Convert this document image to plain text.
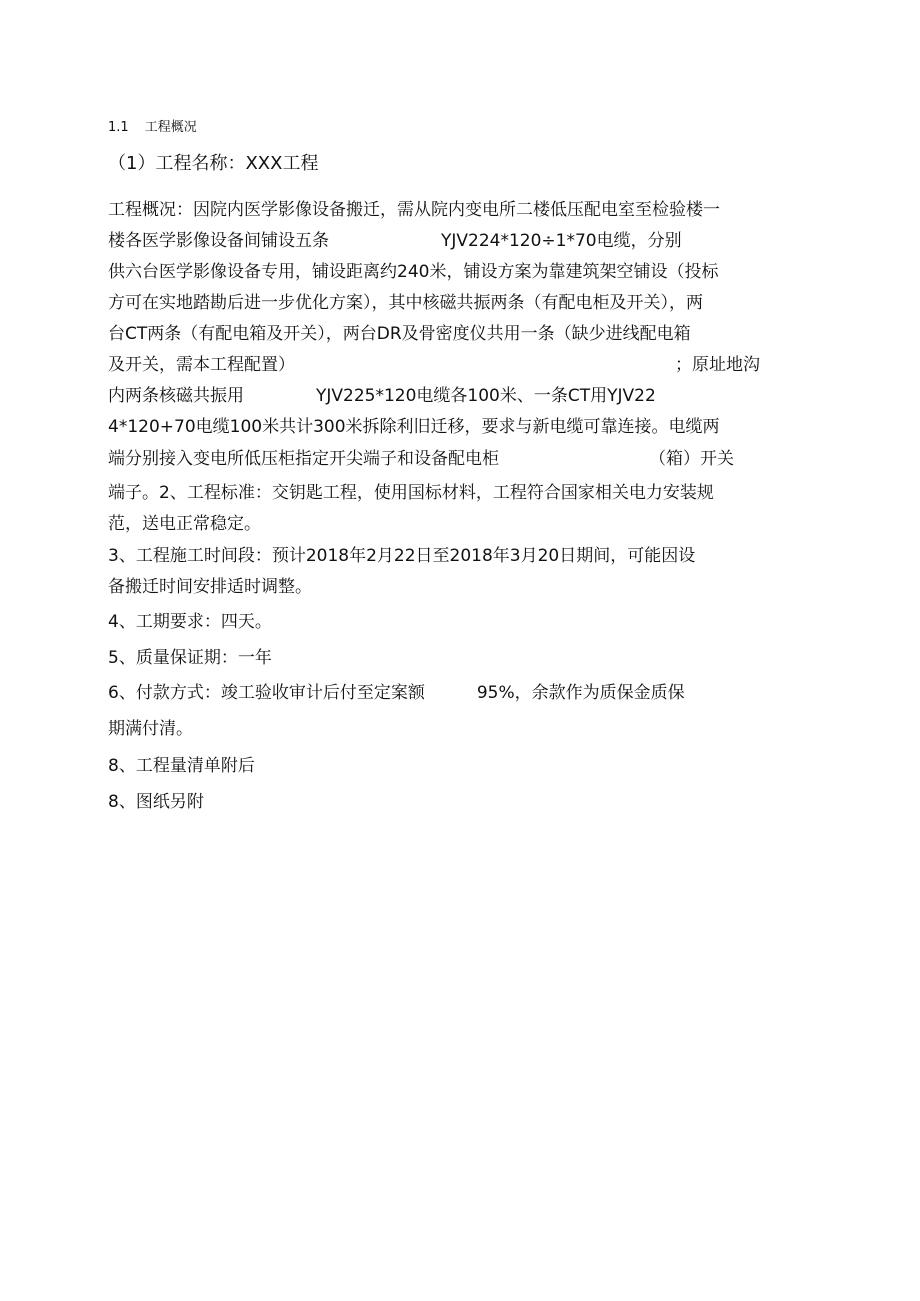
1.1 工程概况
（1）工程名称：XXX工程
工程概况：因院内医学影像设备搬迁，需从院内变电所二楼低压配电室至检验楼一
楼各医学影像设备间铺设五条	YJV224*120÷1*70电缆，分别
供六台医学影像设备专用，铺设距离约240米，铺设方案为靠建筑架空铺设（投标
方可在实地踏勘后进一步优化方案），其中核磁共振两条（有配电柜及开关），两
台CT两条（有配电箱及开关），两台DR及骨密度仪共用一条（缺少进线配电箱
及开关，需本工程配置）	；原址地沟
内两条核磁共振用	YJV225*120电缆各100米、一条CT用YJV22
4*120+70电缆100米共计300米拆除利旧迁移，要求与新电缆可靠连接。电缆两
端分别接入变电所低压柜指定开尖端子和设备配电柜	（箱）开关
端子。2、工程标准：交钥匙工程，使用国标材料，工程符合国家相关电力安装规
范，送电正常稳定。
3、工程施工时间段：预计2018年2月22日至2018年3月20日期间，可能因设
备搬迁时间安排适时调整。
4、工期要求：四天。
5、质量保证期：一年
6、付款方式：竣工验收审计后付至定案额	95%，余款作为质保金质保
期满付清。
8、工程量清单附后
8、图纸另附
